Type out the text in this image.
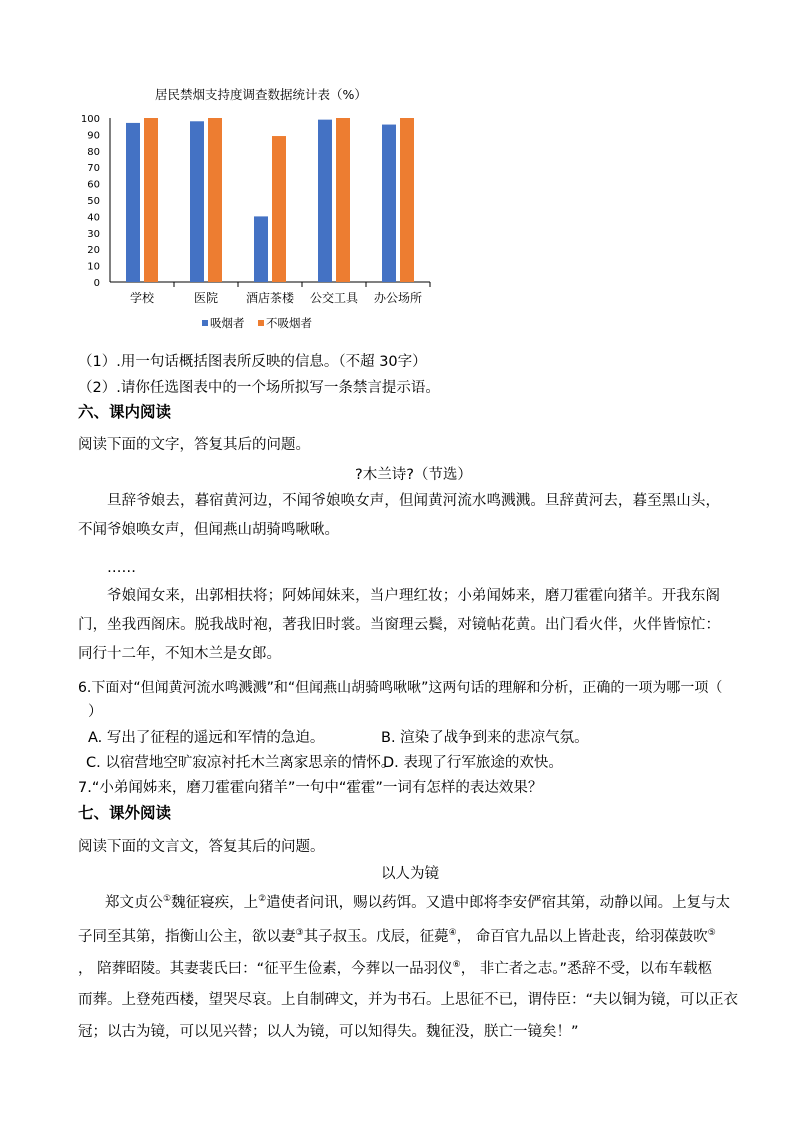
居民禁烟支持度调查数据统计表（%）
0
10
20
30
40
50
60
70
80
90
100
学校	医院 酒店茶楼 公交工具 办公场所
吸烟者 不吸烟者
（1）.用一句话概括图表所反映的信息。（不超 30字）
（2）.请你任选图表中的一个场所拟写一条禁言提示语。
六、课内阅读
阅读下面的文字，答复其后的问题。
?木兰诗?（节选）
旦辞爷娘去，暮宿黄河边，不闻爷娘唤女声，但闻黄河流水鸣溅溅。旦辞黄河去，暮至黑山头，不闻爷娘唤女声，但闻燕山胡骑鸣啾啾。
……
爷娘闻女来，出郭相扶将；阿姊闻妹来，当户理红妆；小弟闻姊来，磨刀霍霍向猪羊。开我东阁门，坐我西阁床。脱我战时袍，著我旧时裳。当窗理云鬓，对镜帖花黄。出门看火伴，火伴皆惊忙：同行十二年，不知木兰是女郎。
6.下面对“但闻黄河流水鸣溅溅”和“但闻燕山胡骑鸣啾啾”这两句话的理解和分析，正确的一项为哪一项（
）
A. 写出了征程的遥远和军情的急迫。	B. 渲染了战争到来的悲凉气氛。
C. 以宿营地空旷寂凉衬托木兰离家思亲的情怀。
D. 表现了行军旅途的欢快。
7.“小弟闻姊来，磨刀霍霍向猪羊”一句中“霍霍”一词有怎样的表达效果？
七、课外阅读
阅读下面的文言文，答复其后的问题。
以人为镜
郑文贞公①魏征寝疾，上②遣使者问讯，赐以药饵。又遣中郎将李安俨宿其第，动静以闻。上复与太
子同至其第，指衡山公主，欲以妻③其子叔玉。戊辰，征薨④， 命百官九品以上皆赴丧，给羽葆鼓吹⑤
， 陪葬昭陵。其妻裴氏曰：“征平生俭素，今葬以一品羽仪⑥， 非亡者之志。”悉辞不受，以布车载柩
而葬。上登苑西楼，望哭尽哀。上自制碑文，并为书石。上思征不已，谓侍臣：“夫以铜为镜，可以正衣
冠；以古为镜，可以见兴替；以人为镜，可以知得失。魏征没，朕亡一镜矣！”
